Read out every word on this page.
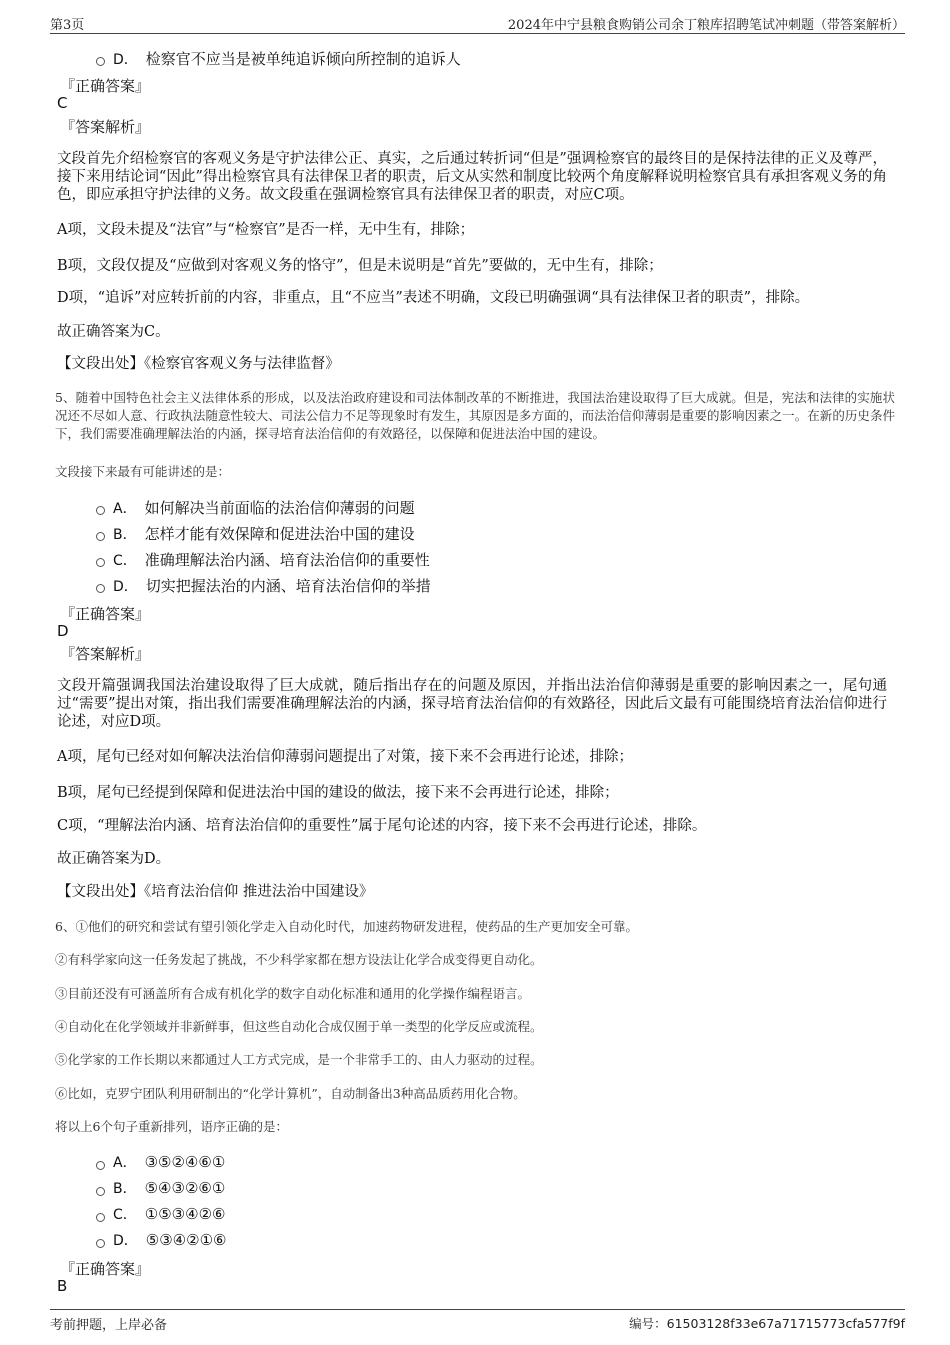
第3页	2024年中宁县粮食购销公司余丁粮库招聘笔试冲刺题（带答案解析）
D． 检察官不应当是被单纯追诉倾向所控制的追诉人
『正确答案』
C
『答案解析』
文段首先介绍检察官的客观义务是守护法律公正、真实，之后通过转折词“但是”强调检察官的最终目的是保持法律的正义及尊严，接下来用结论词“因此”得出检察官具有法律保卫者的职责，后文从实然和制度比较两个角度解释说明检察官具有承担客观义务的角色，即应承担守护法律的义务。故文段重在强调检察官具有法律保卫者的职责，对应C项。
A项，文段未提及“法官”与“检察官”是否一样，无中生有，排除；
B项，文段仅提及“应做到对客观义务的恪守”，但是未说明是“首先”要做的，无中生有，排除；
D项，“追诉”对应转折前的内容，非重点，且“不应当”表述不明确，文段已明确强调“具有法律保卫者的职责”，排除。
故正确答案为C。
【文段出处】《检察官客观义务与法律监督》
5、随着中国特色社会主义法律体系的形成，以及法治政府建设和司法体制改革的不断推进，我国法治建设取得了巨大成就。但是，宪法和法律的实施状况还不尽如人意、行政执法随意性较大、司法公信力不足等现象时有发生，其原因是多方面的，而法治信仰薄弱是重要的影响因素之一。在新的历史条件下，我们需要准确理解法治的内涵，探寻培育法治信仰的有效路径，以保障和促进法治中国的建设。
文段接下来最有可能讲述的是：
A． 如何解决当前面临的法治信仰薄弱的问题
B． 怎样才能有效保障和促进法治中国的建设
C． 准确理解法治内涵、培育法治信仰的重要性
D． 切实把握法治的内涵、培育法治信仰的举措
『正确答案』
D
『答案解析』
文段开篇强调我国法治建设取得了巨大成就，随后指出存在的问题及原因，并指出法治信仰薄弱是重要的影响因素之一，尾句通过“需要”提出对策，指出我们需要准确理解法治的内涵，探寻培育法治信仰的有效路径，因此后文最有可能围绕培育法治信仰进行论述，对应D项。
A项，尾句已经对如何解决法治信仰薄弱问题提出了对策，接下来不会再进行论述，排除；
B项，尾句已经提到保障和促进法治中国的建设的做法，接下来不会再进行论述，排除；
C项，“理解法治内涵、培育法治信仰的重要性”属于尾句论述的内容，接下来不会再进行论述，排除。
故正确答案为D。
【文段出处】《培育法治信仰 推进法治中国建设》
6、①他们的研究和尝试有望引领化学走入自动化时代，加速药物研发进程，使药品的生产更加安全可靠。
②有科学家向这一任务发起了挑战，不少科学家都在想方设法让化学合成变得更自动化。
③目前还没有可涵盖所有合成有机化学的数字自动化标准和通用的化学操作编程语言。
④自动化在化学领域并非新鲜事，但这些自动化合成仅囿于单一类型的化学反应或流程。
⑤化学家的工作长期以来都通过人工方式完成，是一个非常手工的、由人力驱动的过程。
⑥比如，克罗宁团队利用研制出的“化学计算机”，自动制备出3种高品质药用化合物。
将以上6个句子重新排列，语序正确的是：
A． ③⑤②④⑥①
B． ⑤④③②⑥①
C． ①⑤③④②⑥
D． ⑤③④②①⑥
『正确答案』
B
考前押题，上岸必备	编号：61503128f33e67a71715773cfa577f9f
